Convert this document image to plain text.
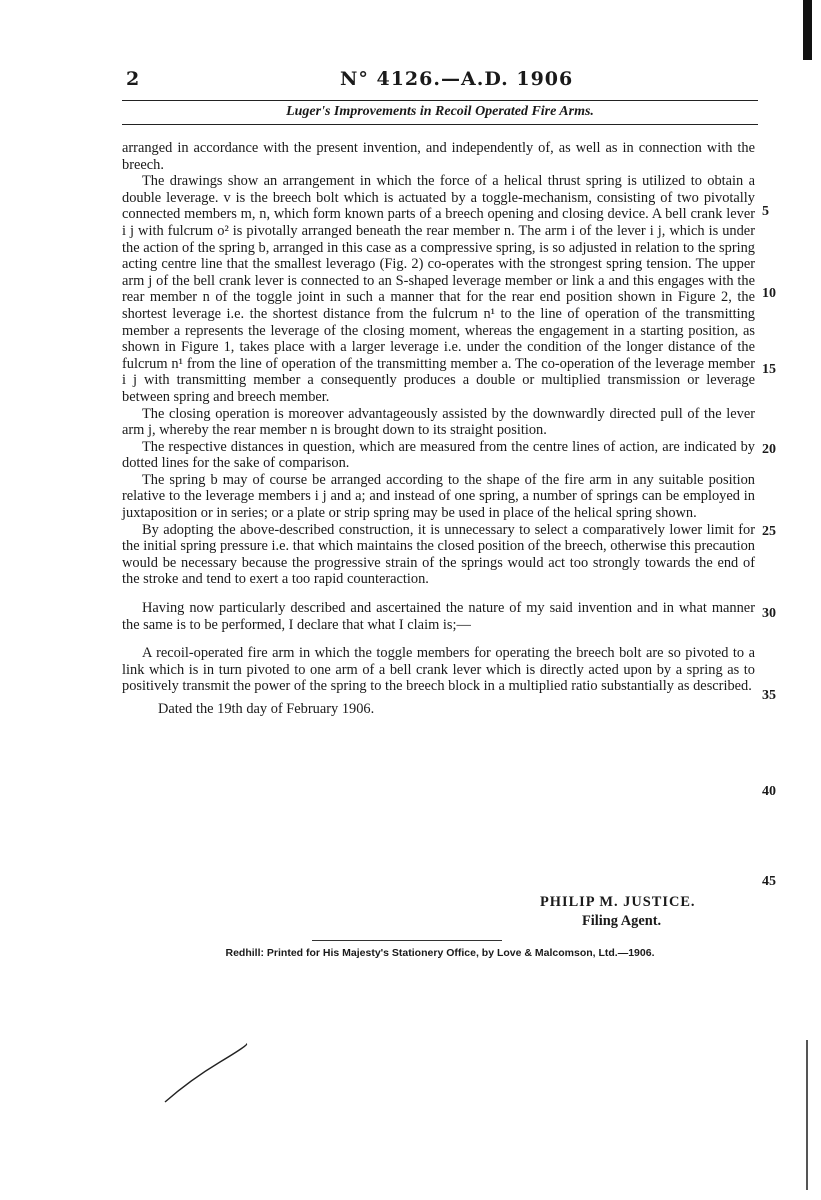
2	N° 4126.—A.D. 1906
Luger's Improvements in Recoil Operated Fire Arms.

arranged in accordance with the present invention, and independently of, as well as in connection with the breech.

The drawings show an arrangement in which the force of a helical thrust spring is utilized to obtain a double leverage. v is the breech bolt which is actuated by a toggle-mechanism, consisting of two pivotally connected members m, n, which form known parts of a breech opening and closing device. A bell crank lever i j with fulcrum o² is pivotally arranged beneath the rear member n. The arm i of the lever i j, which is under the action of the spring b, arranged in this case as a compressive spring, is so adjusted in relation to the spring acting centre line that the smallest leverago (Fig. 2) co-operates with the strongest spring tension. The upper arm j of the bell crank lever is connected to an S-shaped leverage member or link a and this engages with the rear member n of the toggle joint in such a manner that for the rear end position shown in Figure 2, the shortest leverage i.e. the shortest distance from the fulcrum n¹ to the line of operation of the transmitting member a represents the leverage of the closing moment, whereas the engagement in a starting position, as shown in Figure 1, takes place with a larger leverage i.e. under the condition of the longer distance of the fulcrum n¹ from the line of operation of the transmitting member a. The co-operation of the leverage member i j with transmitting member a consequently produces a double or multiplied transmission or leverage between spring and breech member.

The closing operation is moreover advantageously assisted by the downwardly directed pull of the lever arm j, whereby the rear member n is brought down to its straight position.

The respective distances in question, which are measured from the centre lines of action, are indicated by dotted lines for the sake of comparison.

The spring b may of course be arranged according to the shape of the fire arm in any suitable position relative to the leverage members i j and a; and instead of one spring, a number of springs can be employed in juxtaposition or in series; or a plate or strip spring may be used in place of the helical spring shown.

By adopting the above-described construction, it is unnecessary to select a comparatively lower limit for the initial spring pressure i.e. that which maintains the closed position of the breech, otherwise this precaution would be necessary because the progressive strain of the springs would act too strongly towards the end of the stroke and tend to exert a too rapid counteraction.

Having now particularly described and ascertained the nature of my said invention and in what manner the same is to be performed, I declare that what I claim is;—

A recoil-operated fire arm in which the toggle members for operating the breech bolt are so pivoted to a link which is in turn pivoted to one arm of a bell crank lever which is directly acted upon by a spring as to positively transmit the power of the spring to the breech block in a multiplied ratio substantially as described.

Dated the 19th day of February 1906.

5
10
15
20
25
30
35
40
45
PHILIP M. JUSTICE.
Filing Agent.
Redhill: Printed for His Majesty's Stationery Office, by Love & Malcomson, Ltd.—1906.
